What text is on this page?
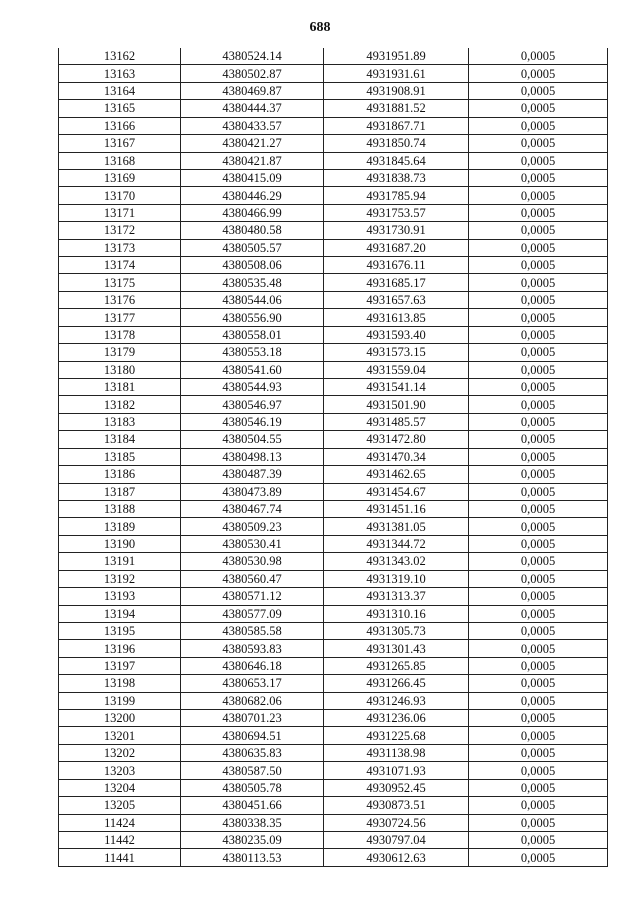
688
13162	4380524.14	4931951.89	0,0005
13163	4380502.87	4931931.61	0,0005
13164	4380469.87	4931908.91	0,0005
13165	4380444.37	4931881.52	0,0005
13166	4380433.57	4931867.71	0,0005
13167	4380421.27	4931850.74	0,0005
13168	4380421.87	4931845.64	0,0005
13169	4380415.09	4931838.73	0,0005
13170	4380446.29	4931785.94	0,0005
13171	4380466.99	4931753.57	0,0005
13172	4380480.58	4931730.91	0,0005
13173	4380505.57	4931687.20	0,0005
13174	4380508.06	4931676.11	0,0005
13175	4380535.48	4931685.17	0,0005
13176	4380544.06	4931657.63	0,0005
13177	4380556.90	4931613.85	0,0005
13178	4380558.01	4931593.40	0,0005
13179	4380553.18	4931573.15	0,0005
13180	4380541.60	4931559.04	0,0005
13181	4380544.93	4931541.14	0,0005
13182	4380546.97	4931501.90	0,0005
13183	4380546.19	4931485.57	0,0005
13184	4380504.55	4931472.80	0,0005
13185	4380498.13	4931470.34	0,0005
13186	4380487.39	4931462.65	0,0005
13187	4380473.89	4931454.67	0,0005
13188	4380467.74	4931451.16	0,0005
13189	4380509.23	4931381.05	0,0005
13190	4380530.41	4931344.72	0,0005
13191	4380530.98	4931343.02	0,0005
13192	4380560.47	4931319.10	0,0005
13193	4380571.12	4931313.37	0,0005
13194	4380577.09	4931310.16	0,0005
13195	4380585.58	4931305.73	0,0005
13196	4380593.83	4931301.43	0,0005
13197	4380646.18	4931265.85	0,0005
13198	4380653.17	4931266.45	0,0005
13199	4380682.06	4931246.93	0,0005
13200	4380701.23	4931236.06	0,0005
13201	4380694.51	4931225.68	0,0005
13202	4380635.83	4931138.98	0,0005
13203	4380587.50	4931071.93	0,0005
13204	4380505.78	4930952.45	0,0005
13205	4380451.66	4930873.51	0,0005
11424	4380338.35	4930724.56	0,0005
11442	4380235.09	4930797.04	0,0005
11441	4380113.53	4930612.63	0,0005
